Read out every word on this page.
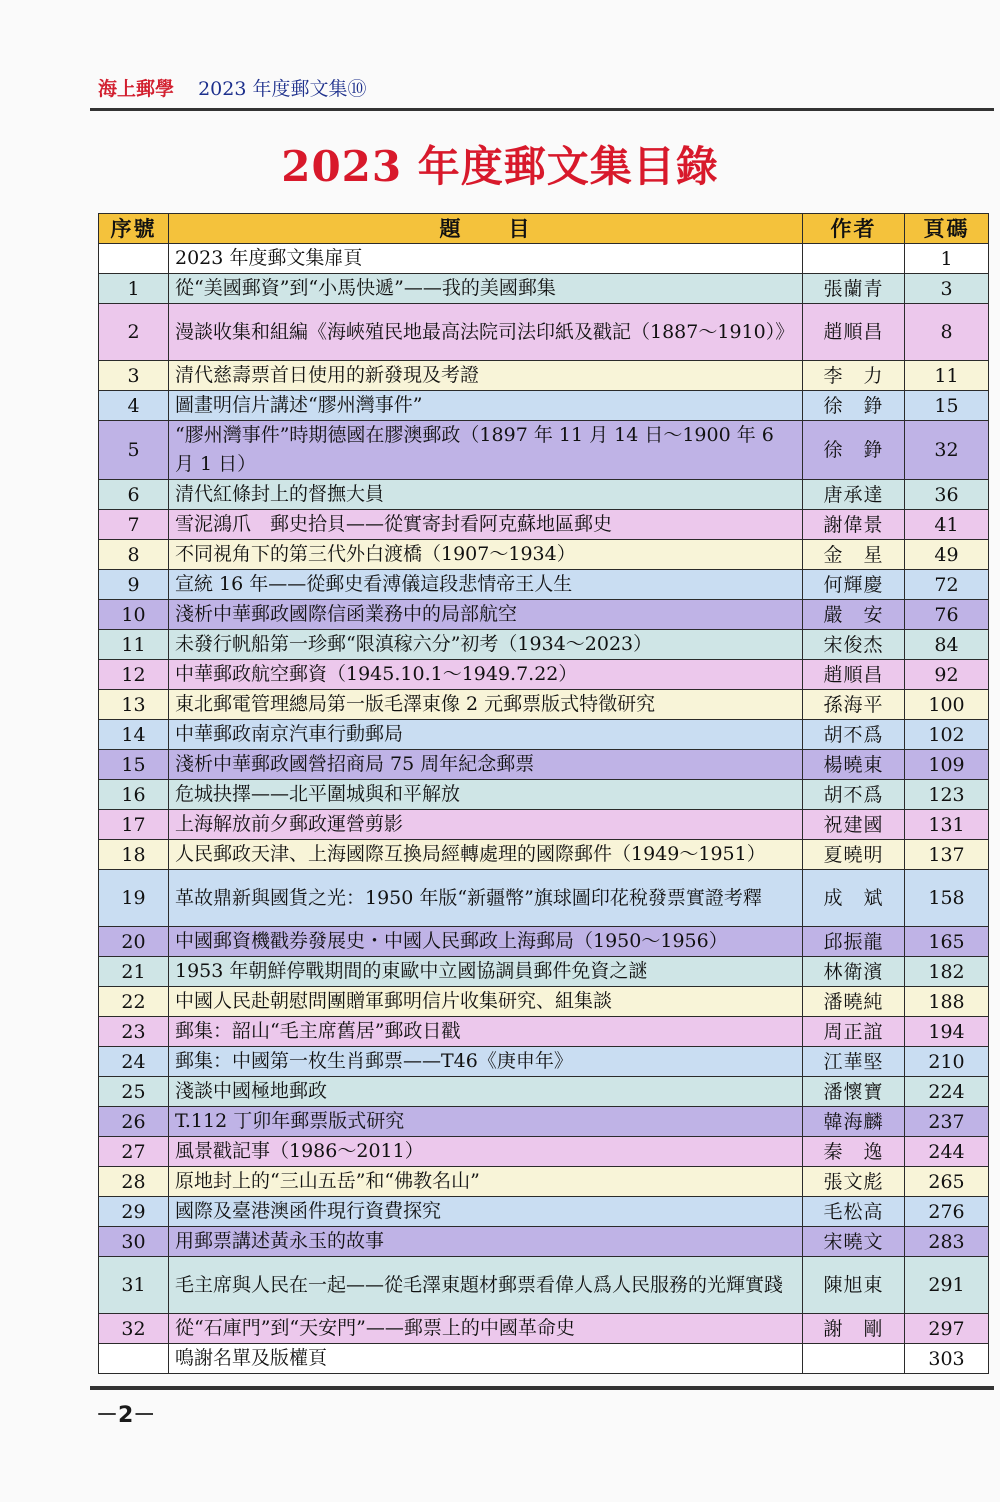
海上郵學 2023 年度郵文集⑩
2023 年度郵文集目錄
序號	題　　目	作者	頁碼
	2023 年度郵文集扉頁		1
1	從“美國郵資”到“小馬快遞”——我的美國郵集	張蘭青	3
2	漫談收集和組編《海峽殖民地最高法院司法印紙及戳記（1887～1910）》	趙順昌	8
3	清代慈壽票首日使用的新發現及考證	李　力	11
4	圖畫明信片講述“膠州灣事件”	徐　錚	15
5	“膠州灣事件”時期德國在膠澳郵政（1897 年 11 月 14 日～1900 年 6 月 1 日）	徐　錚	32
6	清代紅條封上的督撫大員	唐承達	36
7	雪泥鴻爪　郵史拾貝——從實寄封看阿克蘇地區郵史	謝偉景	41
8	不同視角下的第三代外白渡橋（1907～1934）	金　星	49
9	宣統 16 年——從郵史看溥儀這段悲情帝王人生	何輝慶	72
10	淺析中華郵政國際信函業務中的局部航空	嚴　安	76
11	未發行帆船第一珍郵“限滇稼六分”初考（1934～2023）	宋俊杰	84
12	中華郵政航空郵資（1945.10.1～1949.7.22）	趙順昌	92
13	東北郵電管理總局第一版毛澤東像 2 元郵票版式特徵研究	孫海平	100
14	中華郵政南京汽車行動郵局	胡不爲	102
15	淺析中華郵政國營招商局 75 周年紀念郵票	楊曉東	109
16	危城抉擇——北平圍城與和平解放	胡不爲	123
17	上海解放前夕郵政運營剪影	祝建國	131
18	人民郵政天津、上海國際互換局經轉處理的國際郵件（1949～1951）	夏曉明	137
19	革故鼎新與國貨之光：1950 年版“新疆幣”旗球圖印花稅發票實證考釋	成　斌	158
20	中國郵資機戳券發展史・中國人民郵政上海郵局（1950～1956）	邱振龍	165
21	1953 年朝鮮停戰期間的東歐中立國協調員郵件免資之謎	林衛濱	182
22	中國人民赴朝慰問團贈軍郵明信片收集研究、組集談	潘曉純	188
23	郵集：韶山“毛主席舊居”郵政日戳	周正誼	194
24	郵集：中國第一枚生肖郵票——T46《庚申年》	江華堅	210
25	淺談中國極地郵政	潘懷寶	224
26	T.112 丁卯年郵票版式研究	韓海麟	237
27	風景戳記事（1986～2011）	秦　逸	244
28	原地封上的“三山五岳”和“佛教名山”	張文彪	265
29	國際及臺港澳函件現行資費探究	毛松高	276
30	用郵票講述黃永玉的故事	宋曉文	283
31	毛主席與人民在一起——從毛澤東題材郵票看偉人爲人民服務的光輝實踐	陳旭東	291
32	從“石庫門”到“天安門”——郵票上的中國革命史	謝　剛	297
	鳴謝名單及版權頁		303
－2－
